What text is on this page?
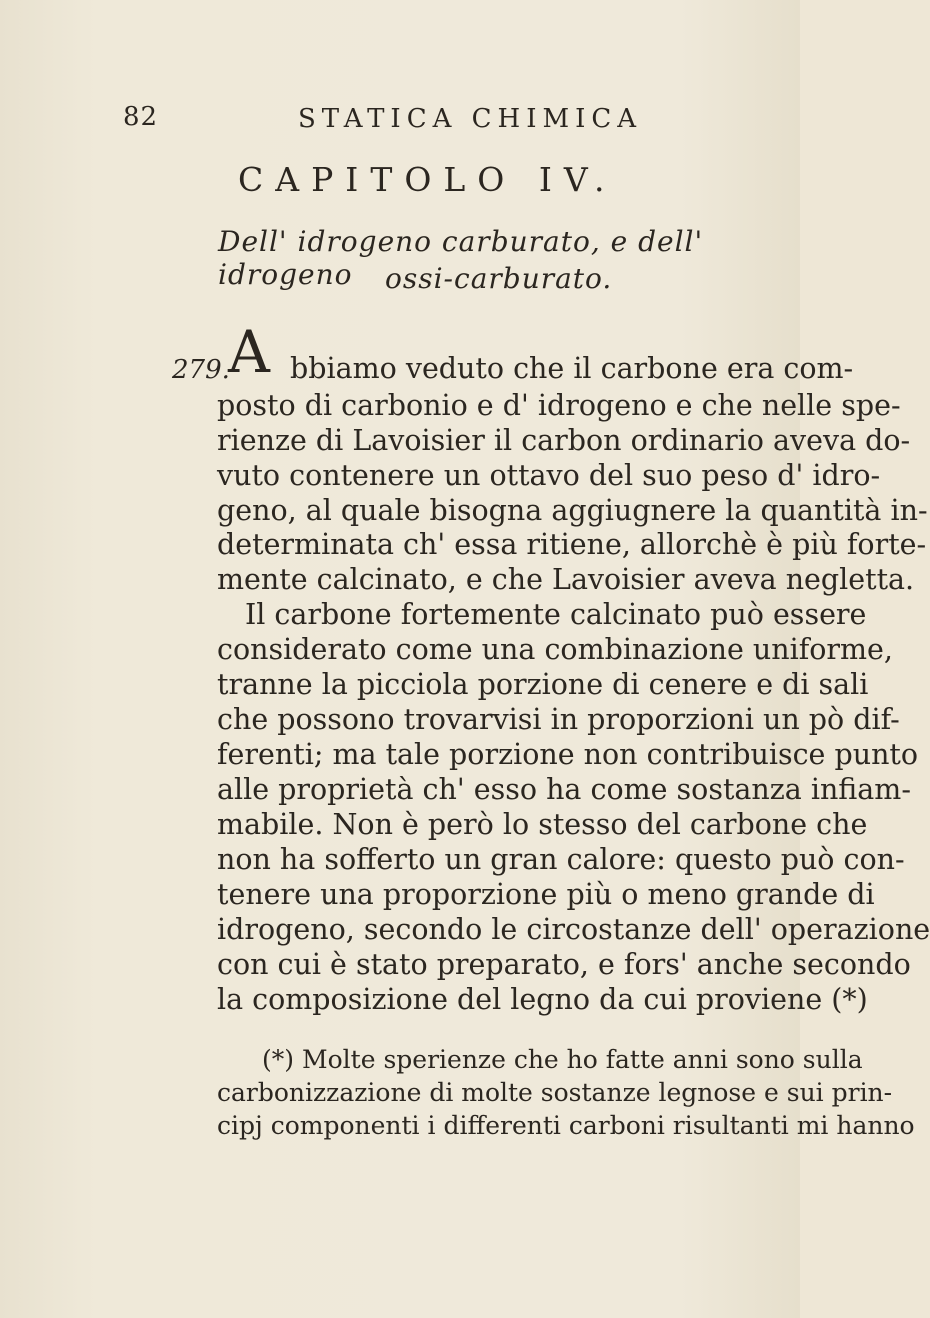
82	STATICA CHIMICA
CAPITOLO IV.
Dell' idrogeno carburato, e dell' idrogeno	ossi-carburato.
279.
A bbiamo veduto che il carbone era com-
posto di carbonio e d' idrogeno e che nelle spe-
rienze di Lavoisier il carbon ordinario aveva do-
vuto contenere un ottavo del suo peso d' idro-
geno, al quale bisogna aggiugnere la quantità in-
determinata ch' essa ritiene, allorchè è più forte-
mente calcinato, e che Lavoisier aveva negletta.
Il carbone fortemente calcinato può essere
considerato come una combinazione uniforme,
tranne la picciola porzione di cenere e di sali
che possono trovarvisi in proporzioni un pò dif-
ferenti; ma tale porzione non contribuisce punto
alle proprietà ch' esso ha come sostanza infiam-
mabile. Non è però lo stesso del carbone che
non ha sofferto un gran calore: questo può con-
tenere una proporzione più o meno grande di
idrogeno, secondo le circostanze dell' operazione
con cui è stato preparato, e fors' anche secondo
la composizione del legno da cui proviene (*)
(*) Molte sperienze che ho fatte anni sono sulla
carbonizzazione di molte sostanze legnose e sui prin-
cipj componenti i differenti carboni risultanti mi hanno
